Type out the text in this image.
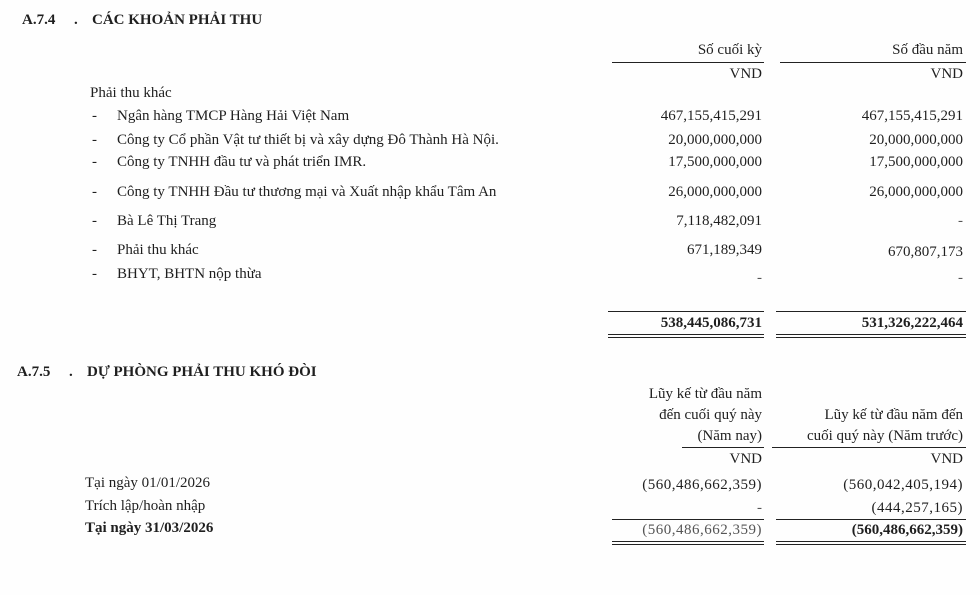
A.7.4 . CÁC KHOẢN PHẢI THU
Số cuối kỳ	Số đầu năm
VND	VND
Phải thu khác
- Ngân hàng TMCP Hàng Hải Việt Nam	467,155,415,291	467,155,415,291
- Công ty Cổ phần Vật tư thiết bị và xây dựng Đô Thành Hà Nội.	20,000,000,000	20,000,000,000
- Công ty TNHH đầu tư và phát triển IMR.	17,500,000,000	17,500,000,000
- Công ty TNHH Đầu tư thương mại và Xuất nhập khẩu Tâm An	26,000,000,000	26,000,000,000
- Bà Lê Thị Trang	7,118,482,091	-
- Phải thu khác	671,189,349	670,807,173
- BHYT, BHTN nộp thừa	-	-
538,445,086,731	531,326,222,464
A.7.5 . DỰ PHÒNG PHẢI THU KHÓ ĐÒI
Lũy kế từ đầu năm
đến cuối quý này
(Năm nay)
Lũy kế từ đầu năm đến
cuối quý này (Năm trước)
VND	VND
Tại ngày 01/01/2026	(560,486,662,359)	(560,042,405,194)
Trích lập/hoàn nhập	-	(444,257,165)
Tại ngày 31/03/2026	(560,486,662,359)	(560,486,662,359)
